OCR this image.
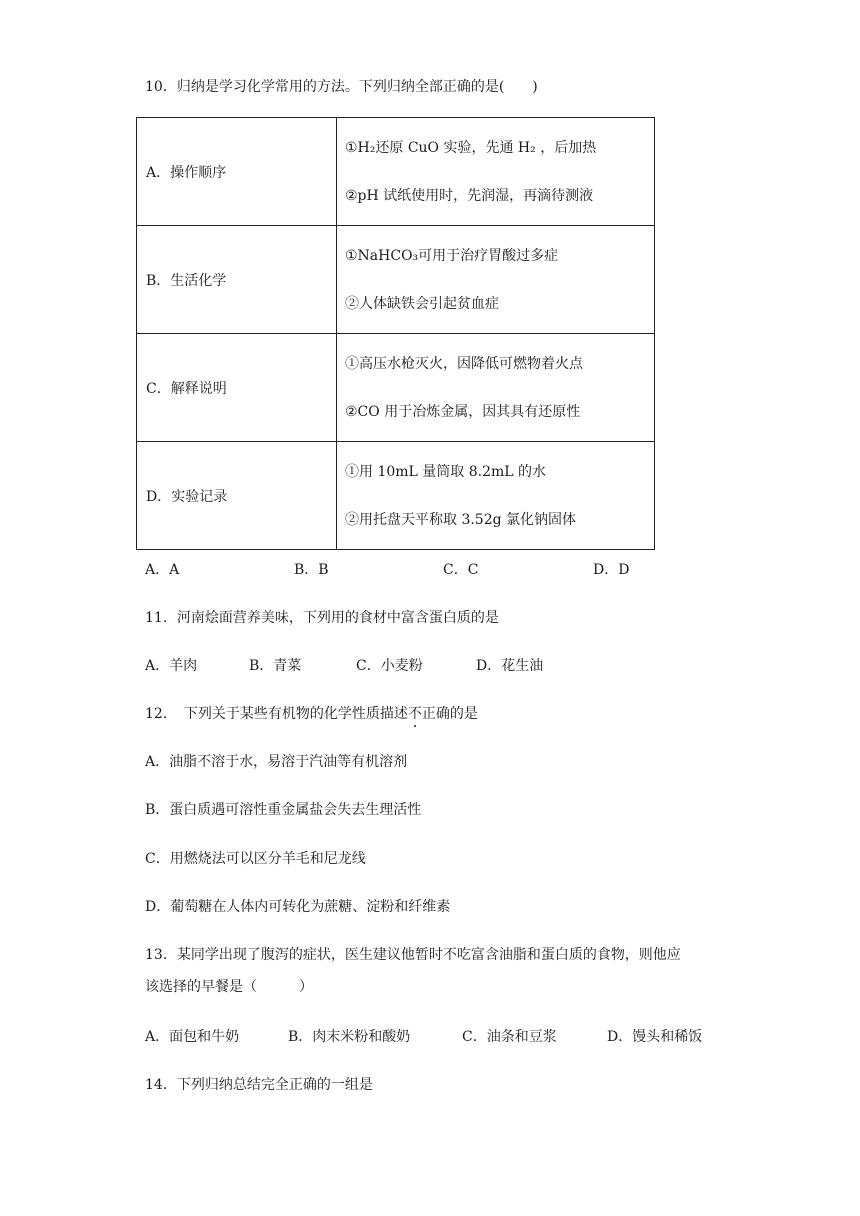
10．归纳是学习化学常用的方法。下列归纳全部正确的是(　　)
A．操作顺序	①H₂还原 CuO 实验，先通 H₂ ，后加热
②pH 试纸使用时，先润湿，再滴待测液

B．生活化学	①NaHCO₃可用于治疗胃酸过多症
②人体缺铁会引起贫血症

C．解释说明	①高压水枪灭火，因降低可燃物着火点
②CO 用于冶炼金属，因其具有还原性

D．实验记录	①用 10mL 量筒取 8.2mL 的水
②用托盘天平称取 3.52g 氯化钠固体
A．A	B．B	C．C	D．D
11．河南烩面营养美味，下列用的食材中富含蛋白质的是
A．羊肉	B．青菜	C．小麦粉	D．花生油
12．　下列关于某些有机物的化学性质描述不正确的是
A．油脂不溶于水，易溶于汽油等有机溶剂
B．蛋白质遇可溶性重金属盐会失去生理活性
C．用燃烧法可以区分羊毛和尼龙线
D．葡萄糖在人体内可转化为蔗糖、淀粉和纤维素
13．某同学出现了腹泻的症状，医生建议他暂时不吃富含油脂和蛋白质的食物，则他应
该选择的早餐是（　　　）
A．面包和牛奶	B．肉末米粉和酸奶	C．油条和豆浆	D．馒头和稀饭
14．下列归纳总结完全正确的一组是
